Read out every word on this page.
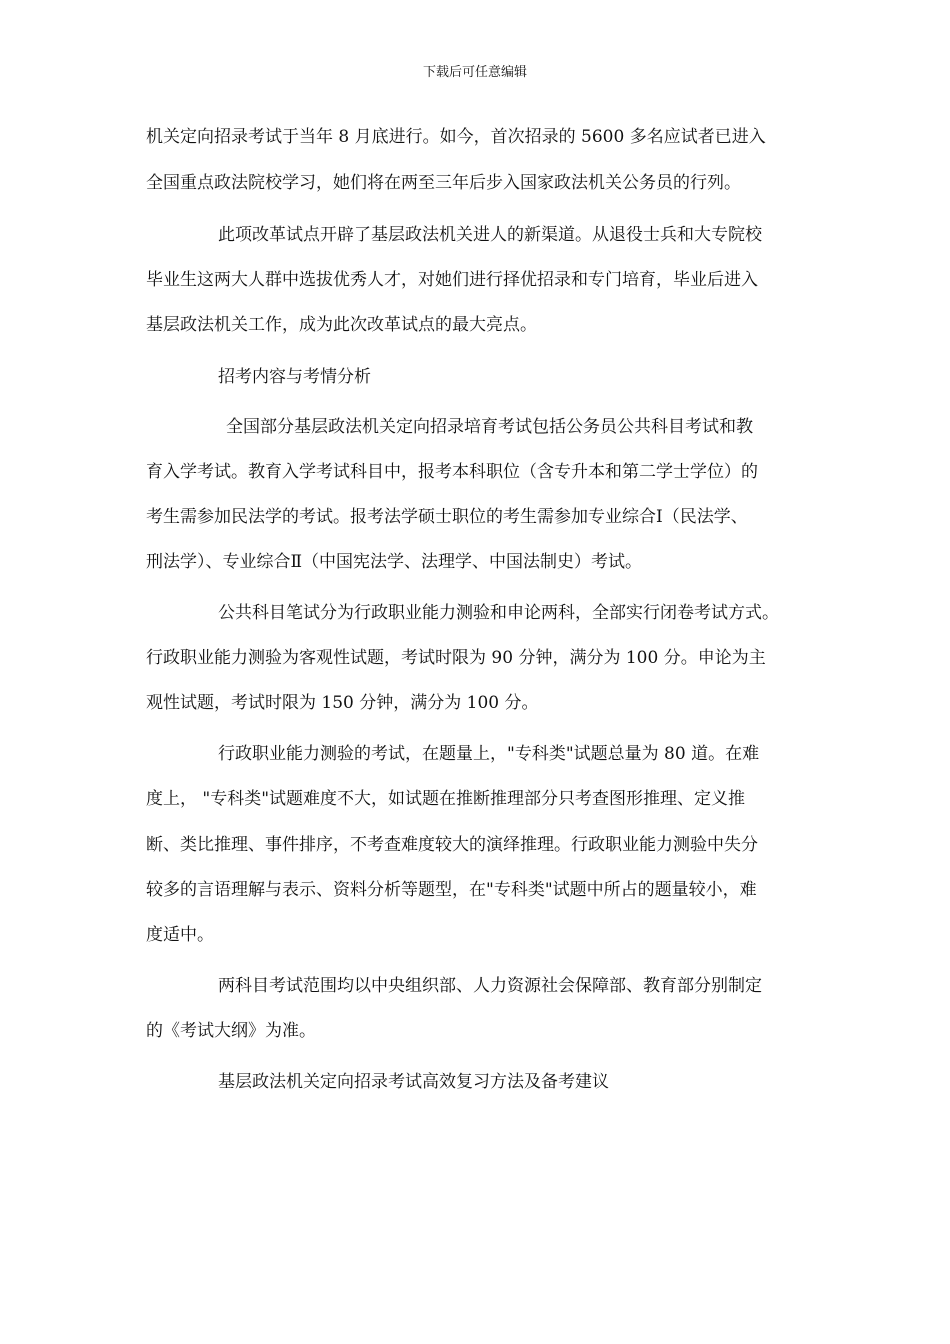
下载后可任意编辑
机关定向招录考试于当年 8 月底进行。如今，首次招录的 5600 多名应试者已进入
全国重点政法院校学习，她们将在两至三年后步入国家政法机关公务员的行列。
此项改革试点开辟了基层政法机关进人的新渠道。从退役士兵和大专院校
毕业生这两大人群中选拔优秀人才，对她们进行择优招录和专门培育，毕业后进入
基层政法机关工作，成为此次改革试点的最大亮点。
招考内容与考情分析
全国部分基层政法机关定向招录培育考试包括公务员公共科目考试和教
育入学考试。教育入学考试科目中，报考本科职位（含专升本和第二学士学位）的
考生需参加民法学的考试。报考法学硕士职位的考生需参加专业综合Ⅰ（民法学、
刑法学）、专业综合Ⅱ（中国宪法学、法理学、中国法制史）考试。
公共科目笔试分为行政职业能力测验和申论两科，全部实行闭卷考试方式。
行政职业能力测验为客观性试题，考试时限为 90 分钟，满分为 100 分。申论为主
观性试题，考试时限为 150 分钟，满分为 100 分。
行政职业能力测验的考试，在题量上，"专科类"试题总量为 80 道。在难
度上， "专科类"试题难度不大，如试题在推断推理部分只考查图形推理、定义推
断、类比推理、事件排序，不考查难度较大的演绎推理。行政职业能力测验中失分
较多的言语理解与表示、资料分析等题型，在"专科类"试题中所占的题量较小，难
度适中。
两科目考试范围均以中央组织部、人力资源社会保障部、教育部分别制定
的《考试大纲》为准。
基层政法机关定向招录考试高效复习方法及备考建议
